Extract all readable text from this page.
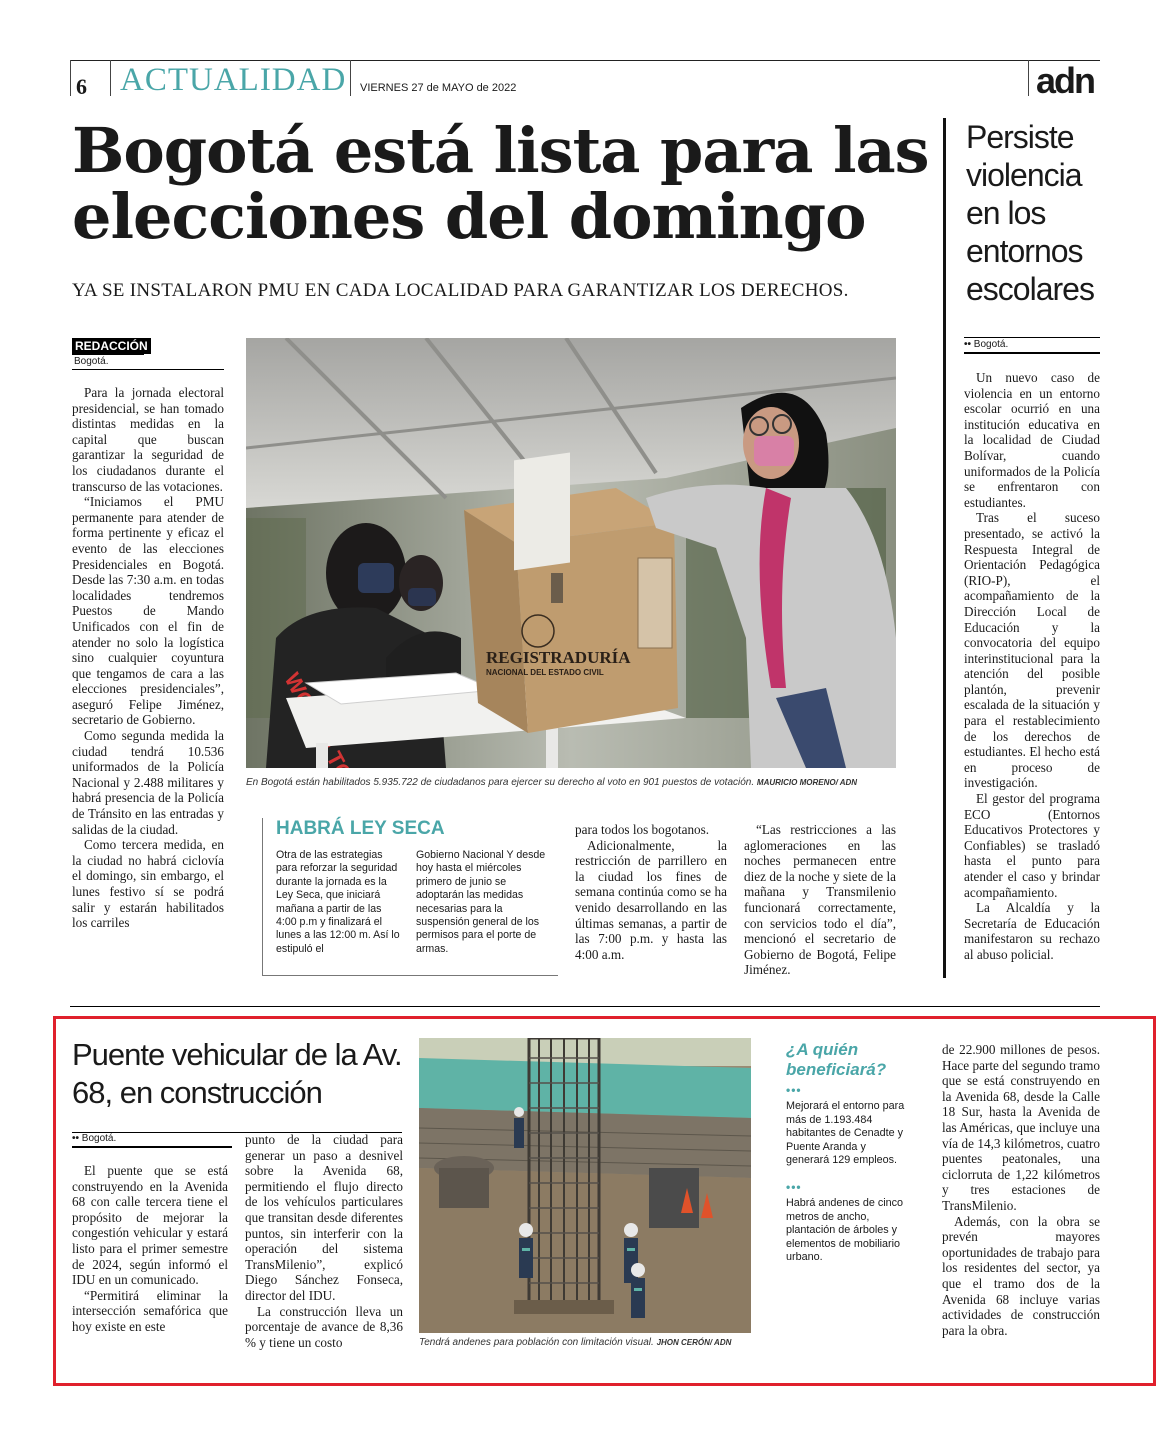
6 ACTUALIDAD VIERNES 27 de MAYO de 2022	adn
Bogotá está lista para las elecciones del domingo
YA SE INSTALARON PMU EN CADA LOCALIDAD PARA GARANTIZAR LOS DERECHOS.
REDACCIÓN
Bogotá.

Para la jornada electoral presidencial, se han tomado distintas medidas en la capital que buscan garantizar la seguridad de los ciudadanos durante el transcurso de las votaciones.

“Iniciamos el PMU permanente para atender de forma pertinente y eficaz el evento de las elecciones Presidenciales en Bogotá. Desde las 7:30 a.m. en todas localidades tendremos Puestos de Mando Unificados con el fin de atender no solo la logística sino cualquier coyuntura que tengamos de cara a las elecciones presidenciales”, aseguró Felipe Jiménez, secretario de Gobierno.

Como segunda medida la ciudad tendrá 10.536 uniformados de la Policía Nacional y 2.488 militares y habrá presencia de la Policía de Tránsito en las entradas y salidas de la ciudad.

Como tercera medida, en la ciudad no habrá ciclovía el domingo, sin embargo, el lunes festivo sí se podrá salir y estarán habilitados los carriles

REGISTRADURÍA
NACIONAL DEL ESTADO CIVIL
En Bogotá están habilitados 5.935.722 de ciudadanos para ejercer su derecho al voto en 901 puestos de votación. MAURICIO MORENO/ ADN
HABRÁ LEY SECA

Otra de las estrategias para reforzar la seguridad durante la jornada es la Ley Seca, que iniciará mañana a partir de las 4:00 p.m y finalizará el lunes a las 12:00 m. Así lo estipuló el

Gobierno Nacional Y desde hoy hasta el miércoles primero de junio se adoptarán las medidas necesarias para la suspensión general de los permisos para el porte de armas.

para todos los bogotanos.

Adicionalmente, la restricción de parrillero en la ciudad los fines de semana continúa como se ha venido desarrollando en las últimas semanas, a partir de las 7:00 p.m. y hasta las 4:00 a.m.

“Las restricciones a las aglomeraciones en las noches permanecen entre diez de la noche y siete de la mañana y Transmilenio funcionará correctamente, con servicios todo el día”, mencionó el secretario de Gobierno de Bogotá, Felipe Jiménez.

Persiste violencia en los entornos escolares
•• Bogotá.

Un nuevo caso de violencia en un entorno escolar ocurrió en una institución educativa en la localidad de Ciudad Bolívar, cuando uniformados de la Policía se enfrentaron con estudiantes.

Tras el suceso presentado, se activó la Respuesta Integral de Orientación Pedagógica (RIO-P), el acompañamiento de la Dirección Local de Educación y la convocatoria del equipo interinstitucional para la atención del posible plantón, prevenir escalada de la situación y para el restablecimiento de los derechos de estudiantes. El hecho está en proceso de investigación.

El gestor del programa ECO (Entornos Educativos Protectores y Confiables) se trasladó hasta el punto para atender el caso y brindar acompañamiento.

La Alcaldía y la Secretaría de Educación manifestaron su rechazo al abuso policial.

Puente vehicular de la Av. 68, en construcción
•• Bogotá.

El puente que se está construyendo en la Avenida 68 con calle tercera tiene el propósito de mejorar la congestión vehicular y estará listo para el primer semestre de 2024, según informó el IDU en un comunicado.

“Permitirá eliminar la intersección semafórica que hoy existe en este

punto de la ciudad para generar un paso a desnivel sobre la Avenida 68, permitiendo el flujo directo de los vehículos particulares que transitan desde diferentes puntos, sin interferir con la operación del sistema TransMilenio”, explicó Diego Sánchez Fonseca, director del IDU.

La construcción lleva un porcentaje de avance de 8,36 % y tiene un costo	Tendrá andenes para población con limitación visual. JHON CERÓN/ ADN
¿A quién beneficiará?
•••
Mejorará el entorno para más de 1.193.484 habitantes de Cenadte y Puente Aranda y generará 129 empleos.
•••
Habrá andenes de cinco metros de ancho, plantación de árboles y elementos de mobiliario urbano.

de 22.900 millones de pesos. Hace parte del segundo tramo que se está construyendo en la Avenida 68, desde la Calle 18 Sur, hasta la Avenida de las Américas, que incluye una vía de 14,3 kilómetros, cuatro puentes peatonales, una ciclorruta de 1,22 kilómetros y tres estaciones de TransMilenio.

Además, con la obra se prevén mayores oportunidades de trabajo para los residentes del sector, ya que el tramo dos de la Avenida 68 incluye varias actividades de construcción para la obra.
